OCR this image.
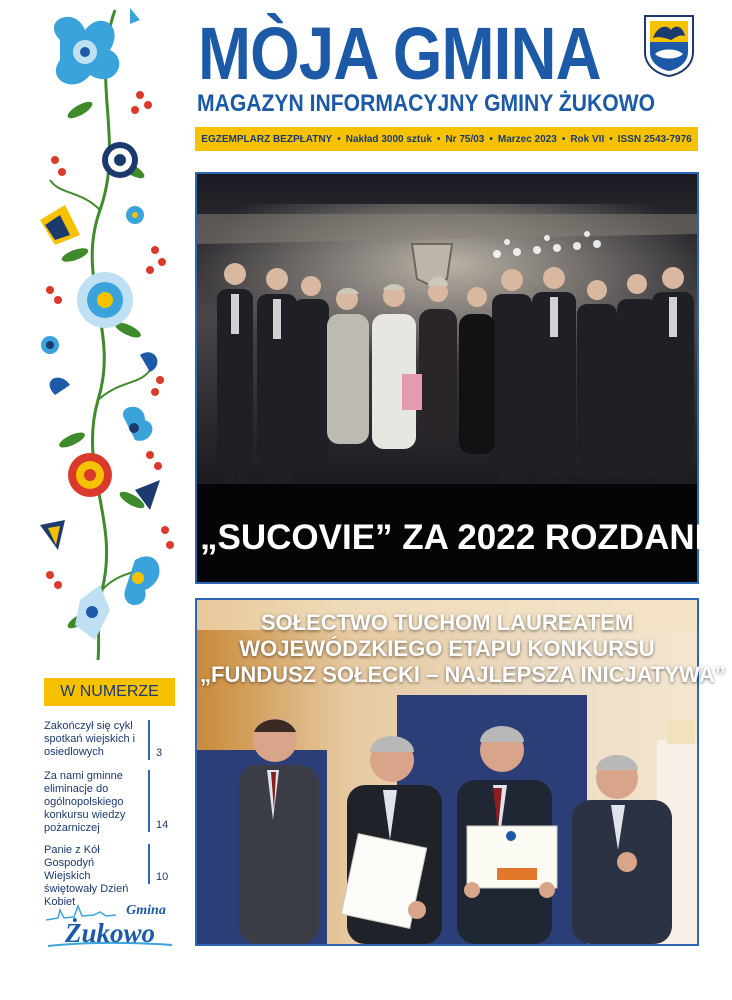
MÒJA GMINA
MAGAZYN INFORMACYJNY GMINY ŻUKOWO
EGZEMPLARZ BEZPŁATNY • Nakład 3000 sztuk • Nr 75/03 • Marzec 2023 • Rok VII • ISSN 2543-7976
„SUCOVIE” ZA 2022 ROZDANE!
SOŁECTWO TUCHOM LAUREATEM
WOJEWÓDZKIEGO ETAPU KONKURSU
„FUNDUSZ SOŁECKI – NAJLEPSZA INICJATYWA”
W NUMERZE
Zakończył się cykl spotkań wiejskich i osiedlowych	3
Za nami gminne eliminacje do ogólnopolskiego konkursu wiedzy pożarniczej	14
Panie z Kół Gospodyń Wiejskich świętowały Dzień Kobiet
10
Gmina
Żukowo
